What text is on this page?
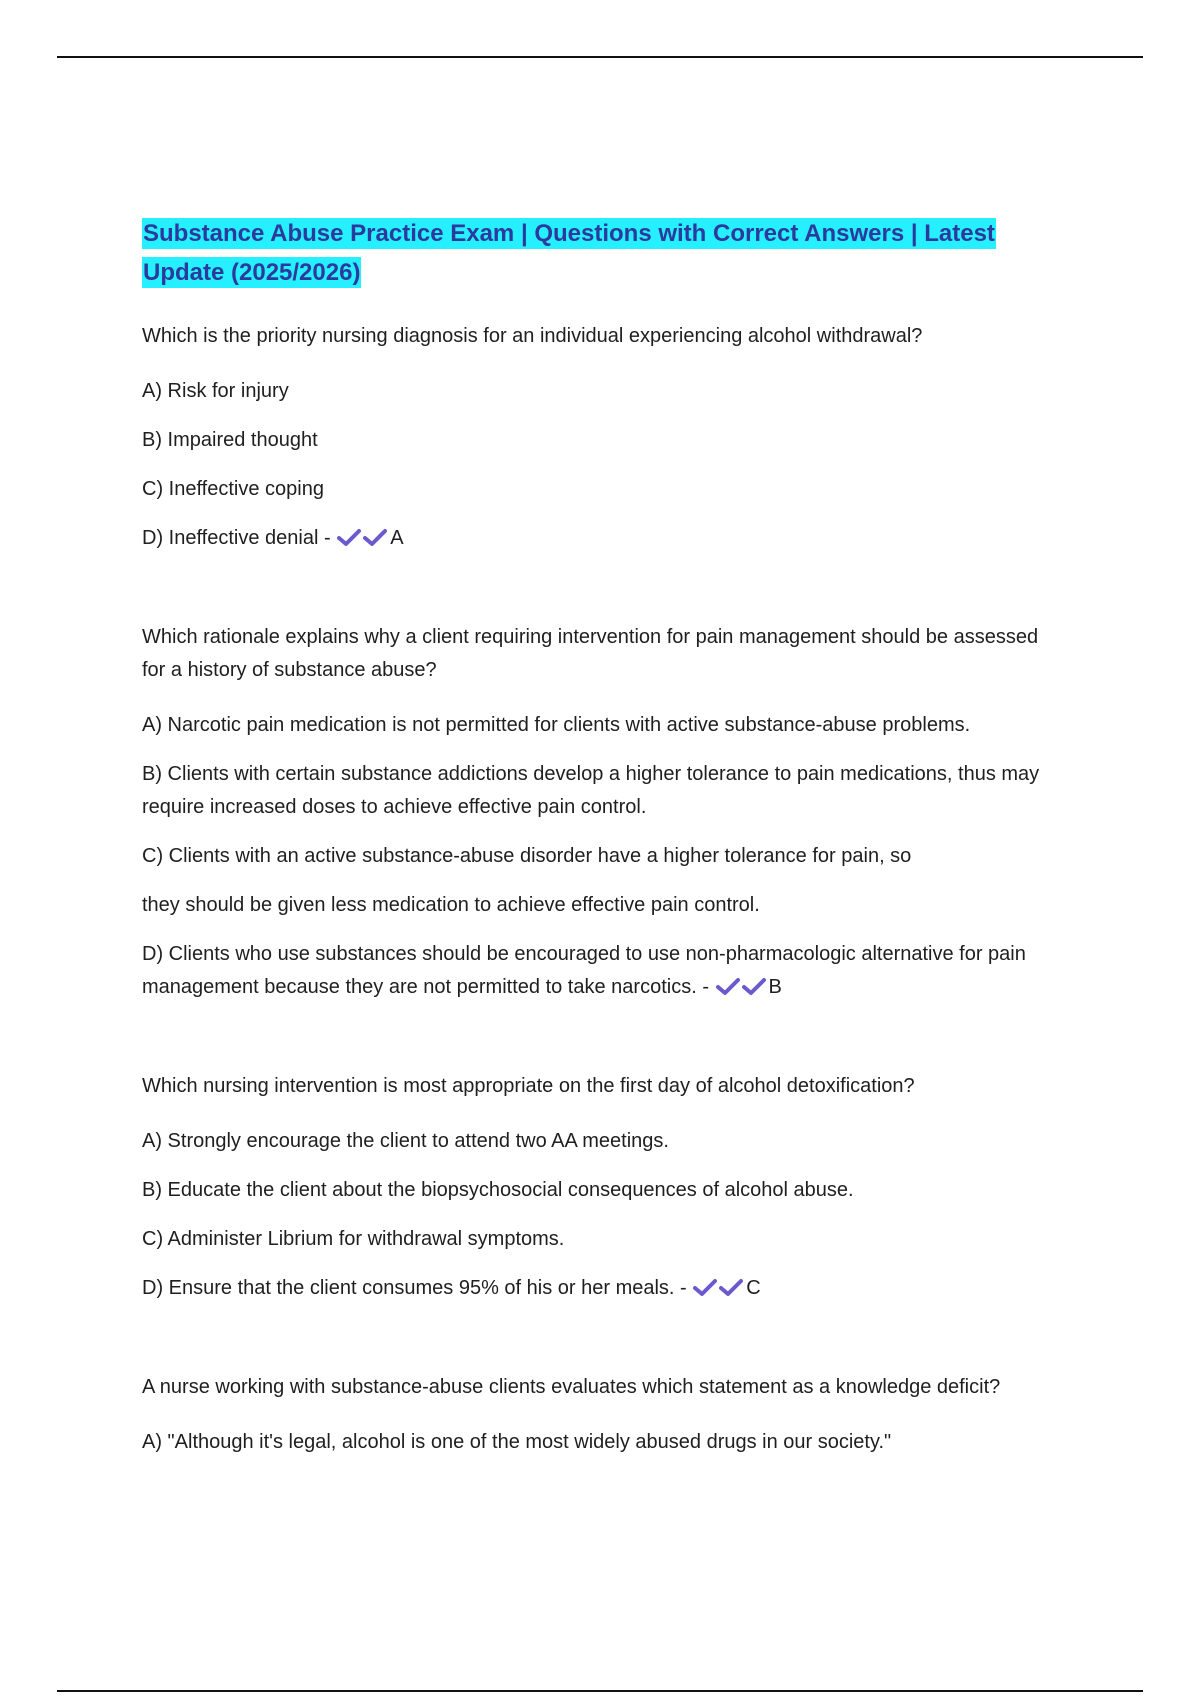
Substance Abuse Practice Exam | Questions with Correct Answers | Latest Update (2025/2026)

Which is the priority nursing diagnosis for an individual experiencing alcohol withdrawal?

A) Risk for injury

B) Impaired thought

C) Ineffective coping

D) Ineffective denial -	A

Which rationale explains why a client requiring intervention for pain management should be assessed for a history of substance abuse?

A) Narcotic pain medication is not permitted for clients with active substance-abuse problems.

B) Clients with certain substance addictions develop a higher tolerance to pain medications, thus may require increased doses to achieve effective pain control.

C) Clients with an active substance-abuse disorder have a higher tolerance for pain, so

they should be given less medication to achieve effective pain control.

D) Clients who use substances should be encouraged to use non-pharmacologic alternative for pain management because they are not permitted to take narcotics. -	B

Which nursing intervention is most appropriate on the first day of alcohol detoxification?

A) Strongly encourage the client to attend two AA meetings.

B) Educate the client about the biopsychosocial consequences of alcohol abuse.

C) Administer Librium for withdrawal symptoms.

D) Ensure that the client consumes 95% of his or her meals. -	C

A nurse working with substance-abuse clients evaluates which statement as a knowledge deficit?

A) "Although it's legal, alcohol is one of the most widely abused drugs in our society."
